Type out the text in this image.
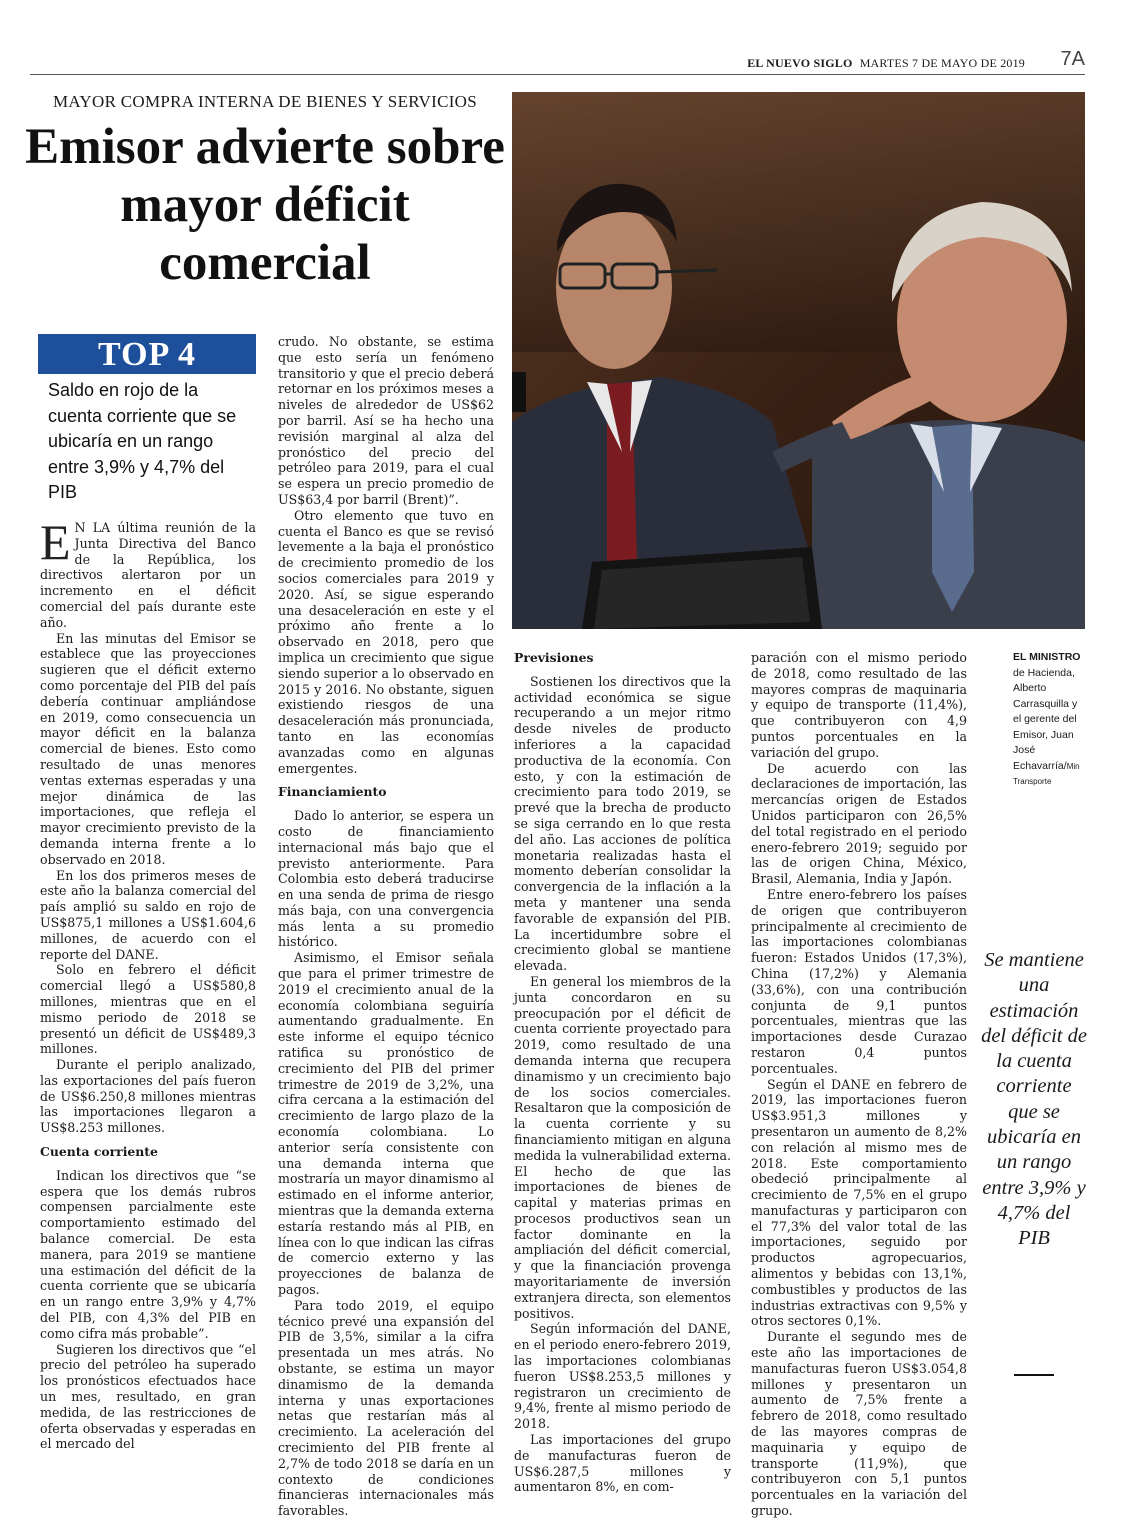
EL NUEVO SIGLO MARTES 7 DE MAYO DE 2019 7A
MAYOR COMPRA INTERNA DE BIENES Y SERVICIOS
Emisor advierte sobre mayor déficit comercial
EL MINISTRO de Hacienda, Alberto Carrasquilla y el gerente del Emisor, Juan José Echavarría/Min Transporte
TOP 4
Saldo en rojo de la cuenta corriente que se ubicaría en un rango entre 3,9% y 4,7% del PIB

E N LA última reunión de la Junta Directiva del Banco de la República, los directivos alertaron por un incremento en el déficit comercial del país durante este año.

En las minutas del Emisor se establece que las proyecciones sugieren que el déficit externo como porcentaje del PIB del país debería continuar ampliándose en 2019, como consecuencia un mayor déficit en la balanza comercial de bienes. Esto como resultado de unas menores ventas externas esperadas y una mejor dinámica de las importaciones, que refleja el mayor crecimiento previsto de la demanda interna frente a lo observado en 2018.

En los dos primeros meses de este año la balanza comercial del país amplió su saldo en rojo de US$875,1 millones a US$1.604,6 millones, de acuerdo con el reporte del DANE.

Solo en febrero el déficit comercial llegó a US$580,8 millones, mientras que en el mismo periodo de 2018 se presentó un déficit de US$489,3 millones.

Durante el periplo analizado, las exportaciones del país fueron de US$6.250,8 millones mientras las importaciones llegaron a US$8.253 millones.

Cuenta corriente

Indican los directivos que “se espera que los demás rubros compensen parcialmente este comportamiento estimado del balance comercial. De esta manera, para 2019 se mantiene una estimación del déficit de la cuenta corriente que se ubicaría en un rango entre 3,9% y 4,7% del PIB, con 4,3% del PIB en como cifra más probable”.

Sugieren los directivos que “el precio del petróleo ha superado los pronósticos efectuados hace un mes, resultado, en gran medida, de las restricciones de oferta observadas y esperadas en el mercado del

crudo. No obstante, se estima que esto sería un fenómeno transitorio y que el precio deberá retornar en los próximos meses a niveles de alrededor de US$62 por barril. Así se ha hecho una revisión marginal al alza del pronóstico del precio del petróleo para 2019, para el cual se espera un precio promedio de US$63,4 por barril (Brent)”.

Otro elemento que tuvo en cuenta el Banco es que se revisó levemente a la baja el pronóstico de crecimiento promedio de los socios comerciales para 2019 y 2020. Así, se sigue esperando una desaceleración en este y el próximo año frente a lo observado en 2018, pero que implica un crecimiento que sigue siendo superior a lo observado en 2015 y 2016. No obstante, siguen existiendo riesgos de una desaceleración más pronunciada, tanto en las economías avanzadas como en algunas emergentes.

Financiamiento

Dado lo anterior, se espera un costo de financiamiento internacional más bajo que el previsto anteriormente. Para Colombia esto deberá traducirse en una senda de prima de riesgo más baja, con una convergencia más lenta a su promedio histórico.

Asimismo, el Emisor señala que para el primer trimestre de 2019 el crecimiento anual de la economía colombiana seguiría aumentando gradualmente. En este informe el equipo técnico ratifica su pronóstico de crecimiento del PIB del primer trimestre de 2019 de 3,2%, una cifra cercana a la estimación del crecimiento de largo plazo de la economía colombiana. Lo anterior sería consistente con una demanda interna que mostraría un mayor dinamismo al estimado en el informe anterior, mientras que la demanda externa estaría restando más al PIB, en línea con lo que indican las cifras de comercio externo y las proyecciones de balanza de pagos.

Para todo 2019, el equipo técnico prevé una expansión del PIB de 3,5%, similar a la cifra presentada un mes atrás. No obstante, se estima un mayor dinamismo de la demanda interna y unas exportaciones netas que restarían más al crecimiento. La aceleración del crecimiento del PIB frente al 2,7% de todo 2018 se daría en un contexto de condiciones financieras internacionales más favorables.

Previsiones

Sostienen los directivos que la actividad económica se sigue recuperando a un mejor ritmo desde niveles de producto inferiores a la capacidad productiva de la economía. Con esto, y con la estimación de crecimiento para todo 2019, se prevé que la brecha de producto se siga cerrando en lo que resta del año. Las acciones de política monetaria realizadas hasta el momento deberían consolidar la convergencia de la inflación a la meta y mantener una senda favorable de expansión del PIB. La incertidumbre sobre el crecimiento global se mantiene elevada.

En general los miembros de la junta concordaron en su preocupación por el déficit de cuenta corriente proyectado para 2019, como resultado de una demanda interna que recupera dinamismo y un crecimiento bajo de los socios comerciales. Resaltaron que la composición de la cuenta corriente y su financiamiento mitigan en alguna medida la vulnerabilidad externa. El hecho de que las importaciones de bienes de capital y materias primas en procesos productivos sean un factor dominante en la ampliación del déficit comercial, y que la financiación provenga mayoritariamente de inversión extranjera directa, son elementos positivos.

Según información del DANE, en el periodo enero-febrero 2019, las importaciones colombianas fueron US$8.253,5 millones y registraron un crecimiento de 9,4%, frente al mismo periodo de 2018.

Las importaciones del grupo de manufacturas fueron de US$6.287,5 millones y aumentaron 8%, en com-

paración con el mismo periodo de 2018, como resultado de las mayores compras de maquinaria y equipo de transporte (11,4%), que contribuyeron con 4,9 puntos porcentuales en la variación del grupo.

De acuerdo con las declaraciones de importación, las mercancías origen de Estados Unidos participaron con 26,5% del total registrado en el periodo enero-febrero 2019; seguido por las de origen China, México, Brasil, Alemania, India y Japón.

Entre enero-febrero los países de origen que contribuyeron principalmente al crecimiento de las importaciones colombianas fueron: Estados Unidos (17,3%), China (17,2%) y Alemania (33,6%), con una contribución conjunta de 9,1 puntos porcentuales, mientras que las importaciones desde Curazao restaron 0,4 puntos porcentuales.

Según el DANE en febrero de 2019, las importaciones fueron US$3.951,3 millones y presentaron un aumento de 8,2% con relación al mismo mes de 2018. Este comportamiento obedeció principalmente al crecimiento de 7,5% en el grupo manufacturas y participaron con el 77,3% del valor total de las importaciones, seguido por productos agropecuarios, alimentos y bebidas con 13,1%, combustibles y productos de las industrias extractivas con 9,5% y otros sectores 0,1%.

Durante el segundo mes de este año las importaciones de manufacturas fueron US$3.054,8 millones y presentaron un aumento de 7,5% frente a febrero de 2018, como resultado de las mayores compras de maquinaria y equipo de transporte (11,9%), que contribuyeron con 5,1 puntos porcentuales en la variación del grupo.

Se mantiene una estimación del déficit de la cuenta corriente que se ubicaría en un rango entre 3,9% y 4,7% del PIB
